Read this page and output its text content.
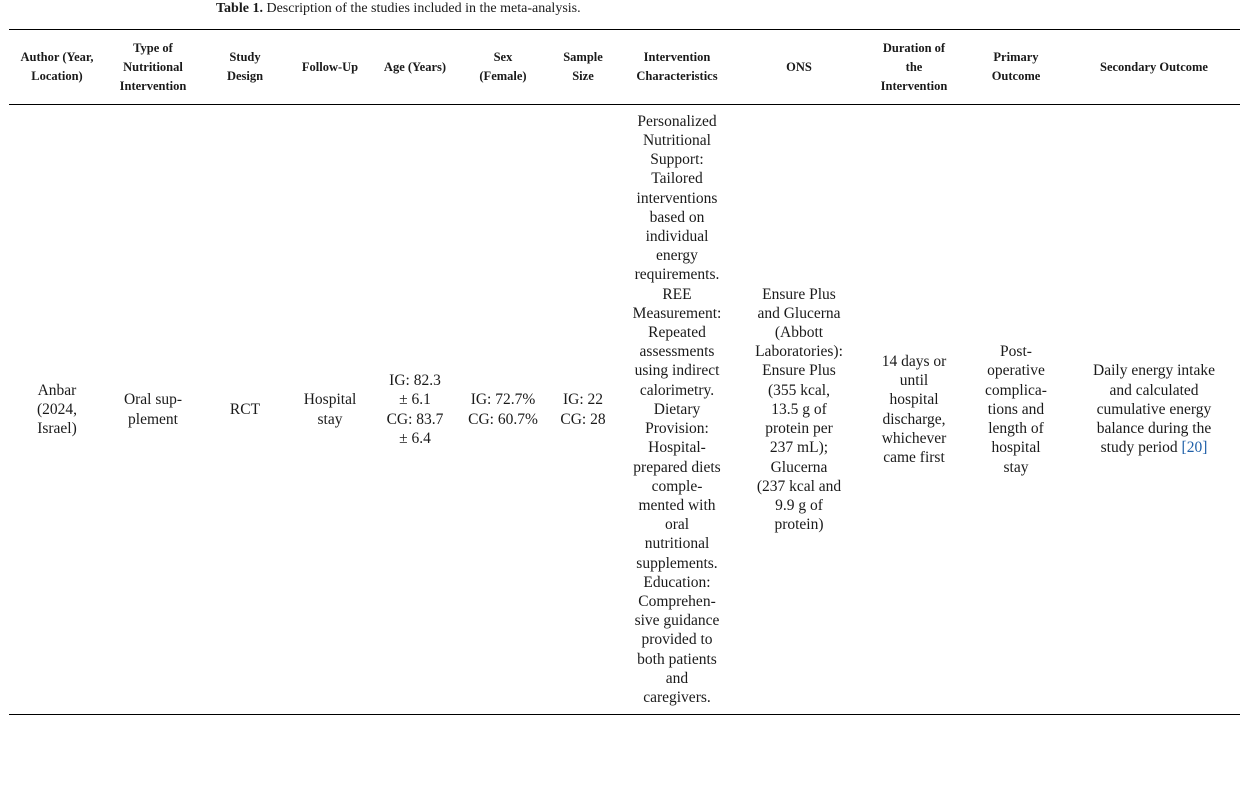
Table 1. Description of the studies included in the meta-analysis.
Author (Year,
Location)
Type of
Nutritional
Intervention
Study
Design
Follow-Up Age (Years)
Sex
(Female)
Sample
Size
Intervention
Characteristics
ONS
Duration of
the
Intervention
Primary
Outcome
Secondary Outcome
Anbar
(2024,
Israel)
Oral sup-
plement
RCT
Hospital
stay
IG: 82.3
± 6.1
CG: 83.7
± 6.4
IG: 72.7%
CG: 60.7%
IG: 22
CG: 28
Personalized
Nutritional
Support:
Tailored
interventions
based on
individual
energy
requirements.
REE
Measurement:
Repeated
assessments
using indirect
calorimetry.
Dietary
Provision:
Hospital-
prepared diets
comple-
mented with
oral
nutritional
supplements.
Education:
Comprehen-
sive guidance
provided to
both patients
and
caregivers.
Ensure Plus
and Glucerna
(Abbott
Laboratories):
Ensure Plus
(355 kcal,
13.5 g of
protein per
237 mL);
Glucerna
(237 kcal and
9.9 g of
protein)
14 days or
until
hospital
discharge,
whichever
came first
Post-
operative
complica-
tions and
length of
hospital
stay
Daily energy intake
and calculated
cumulative energy
balance during the
study period [20]
